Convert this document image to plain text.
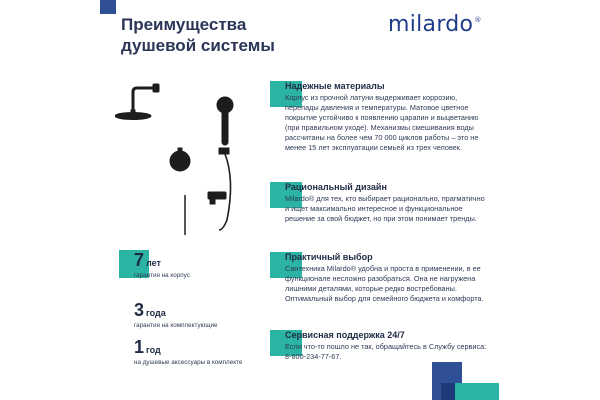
Преимущества
душевой системы
milardo®
Надежные материалы
Корпус из прочной латуни выдерживает коррозию, перепады давления и температуры. Матовое цветное покрытие устойчиво к появлению царапин и выцветанию (при правильном уходе). Механизмы смешивания воды рассчитаны на более чем 70 000 циклов работы – это не менее 15 лет эксплуатации семьей из трех человек.
Рациональный дизайн
Milardo® для тех, кто выбирает рационально, прагматично и ищет максимально интересное и функциональное решение за свой бюджет, но при этом понимает тренды.
Практичный выбор
Сантехника Milardo® удобна и проста в применении, в ее функционале несложно разобраться. Она не нагружена лишними деталями, которые редко востребованы. Оптимальный выбор для семейного бюджета и комфорта.
Сервисная поддержка 24/7
Если что-то пошло не так, обращайтесь в Службу сервиса: 8-800-234-77-67.
7 лет
гарантия на корпус
3 года
гарантия на комплектующие
1 год
на душевые аксессуары в комплекте
